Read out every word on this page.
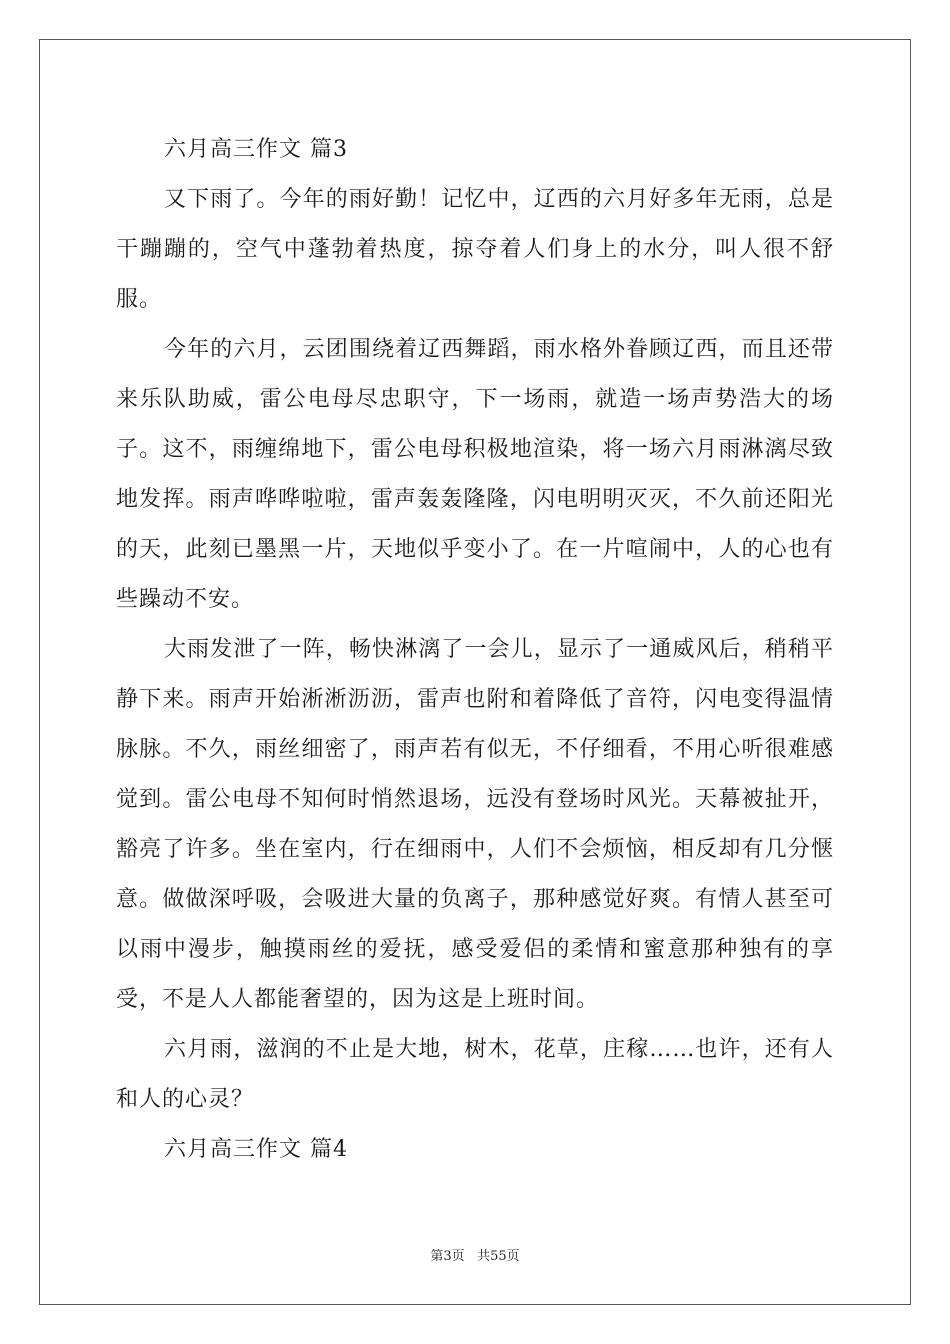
六月高三作文 篇3

又下雨了。今年的雨好勤！记忆中，辽西的六月好多年无雨，总是干蹦蹦的，空气中蓬勃着热度，掠夺着人们身上的水分，叫人很不舒服。

今年的六月，云团围绕着辽西舞蹈，雨水格外眷顾辽西，而且还带来乐队助威，雷公电母尽忠职守，下一场雨，就造一场声势浩大的场子。这不，雨缠绵地下，雷公电母积极地渲染，将一场六月雨淋漓尽致地发挥。雨声哗哗啦啦，雷声轰轰隆隆，闪电明明灭灭，不久前还阳光的天，此刻已墨黑一片，天地似乎变小了。在一片喧闹中，人的心也有些躁动不安。

大雨发泄了一阵，畅快淋漓了一会儿，显示了一通威风后，稍稍平静下来。雨声开始淅淅沥沥，雷声也附和着降低了音符，闪电变得温情脉脉。不久，雨丝细密了，雨声若有似无，不仔细看，不用心听很难感觉到。雷公电母不知何时悄然退场，远没有登场时风光。天幕被扯开，豁亮了许多。坐在室内，行在细雨中，人们不会烦恼，相反却有几分惬意。做做深呼吸，会吸进大量的负离子，那种感觉好爽。有情人甚至可以雨中漫步，触摸雨丝的爱抚，感受爱侣的柔情和蜜意那种独有的享受，不是人人都能奢望的，因为这是上班时间。

六月雨，滋润的不止是大地，树木，花草，庄稼……也许，还有人和人的心灵？

六月高三作文 篇4

第3页 共55页
